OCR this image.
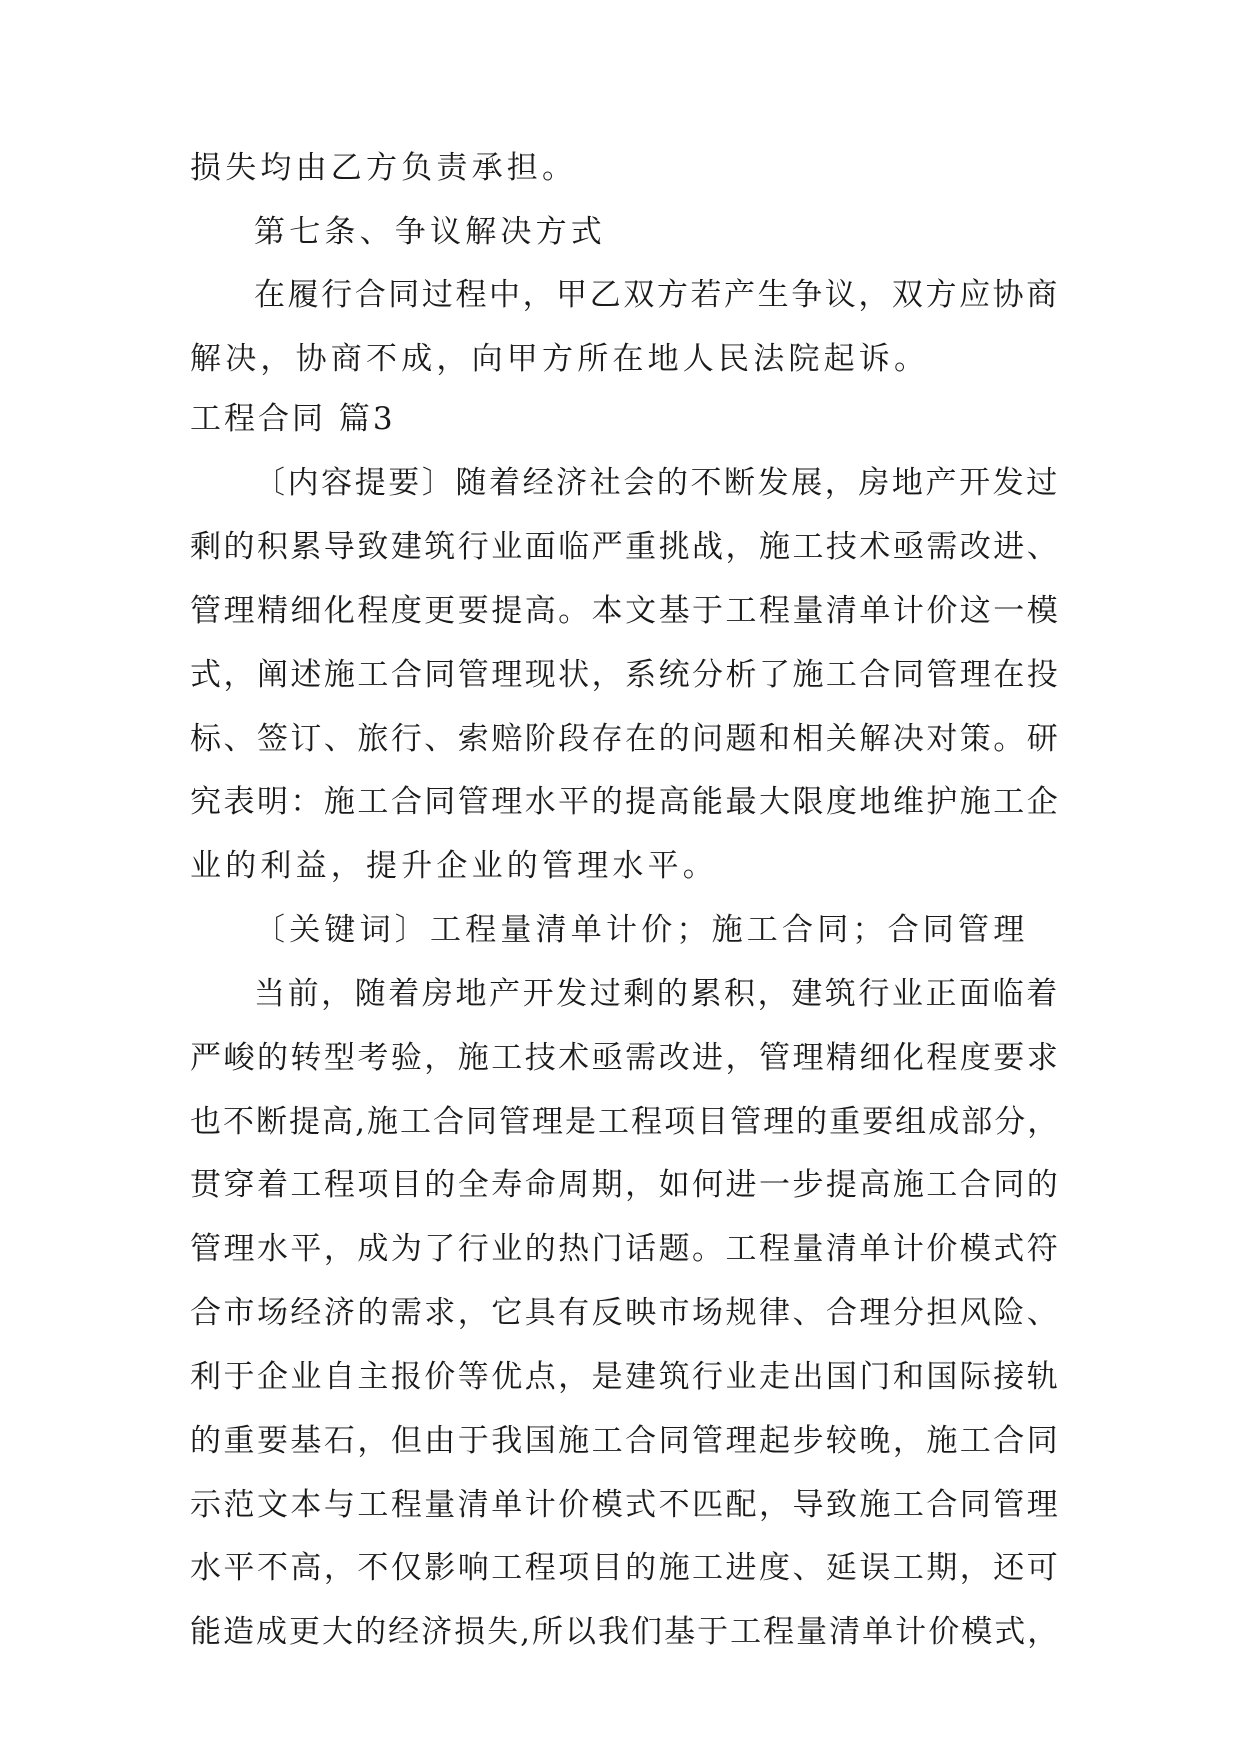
损失均由乙方负责承担。

第七条、争议解决方式

在履行合同过程中，甲乙双方若产生争议，双方应协商

解决，协商不成，向甲方所在地人民法院起诉。

工程合同 篇3

〔内容提要〕随着经济社会的不断发展，房地产开发过

剩的积累导致建筑行业面临严重挑战，施工技术亟需改进、

管理精细化程度更要提高。本文基于工程量清单计价这一模

式，阐述施工合同管理现状，系统分析了施工合同管理在投

标、签订、旅行、索赔阶段存在的问题和相关解决对策。研

究表明：施工合同管理水平的提高能最大限度地维护施工企

业的利益，提升企业的管理水平。

〔关键词〕工程量清单计价；施工合同；合同管理

当前，随着房地产开发过剩的累积，建筑行业正面临着

严峻的转型考验，施工技术亟需改进，管理精细化程度要求

也不断提高,施工合同管理是工程项目管理的重要组成部分，

贯穿着工程项目的全寿命周期，如何进一步提高施工合同的

管理水平，成为了行业的热门话题。工程量清单计价模式符

合市场经济的需求，它具有反映市场规律、合理分担风险、

利于企业自主报价等优点，是建筑行业走出国门和国际接轨

的重要基石，但由于我国施工合同管理起步较晚，施工合同

示范文本与工程量清单计价模式不匹配，导致施工合同管理

水平不高，不仅影响工程项目的施工进度、延误工期，还可

能造成更大的经济损失,所以我们基于工程量清单计价模式，
